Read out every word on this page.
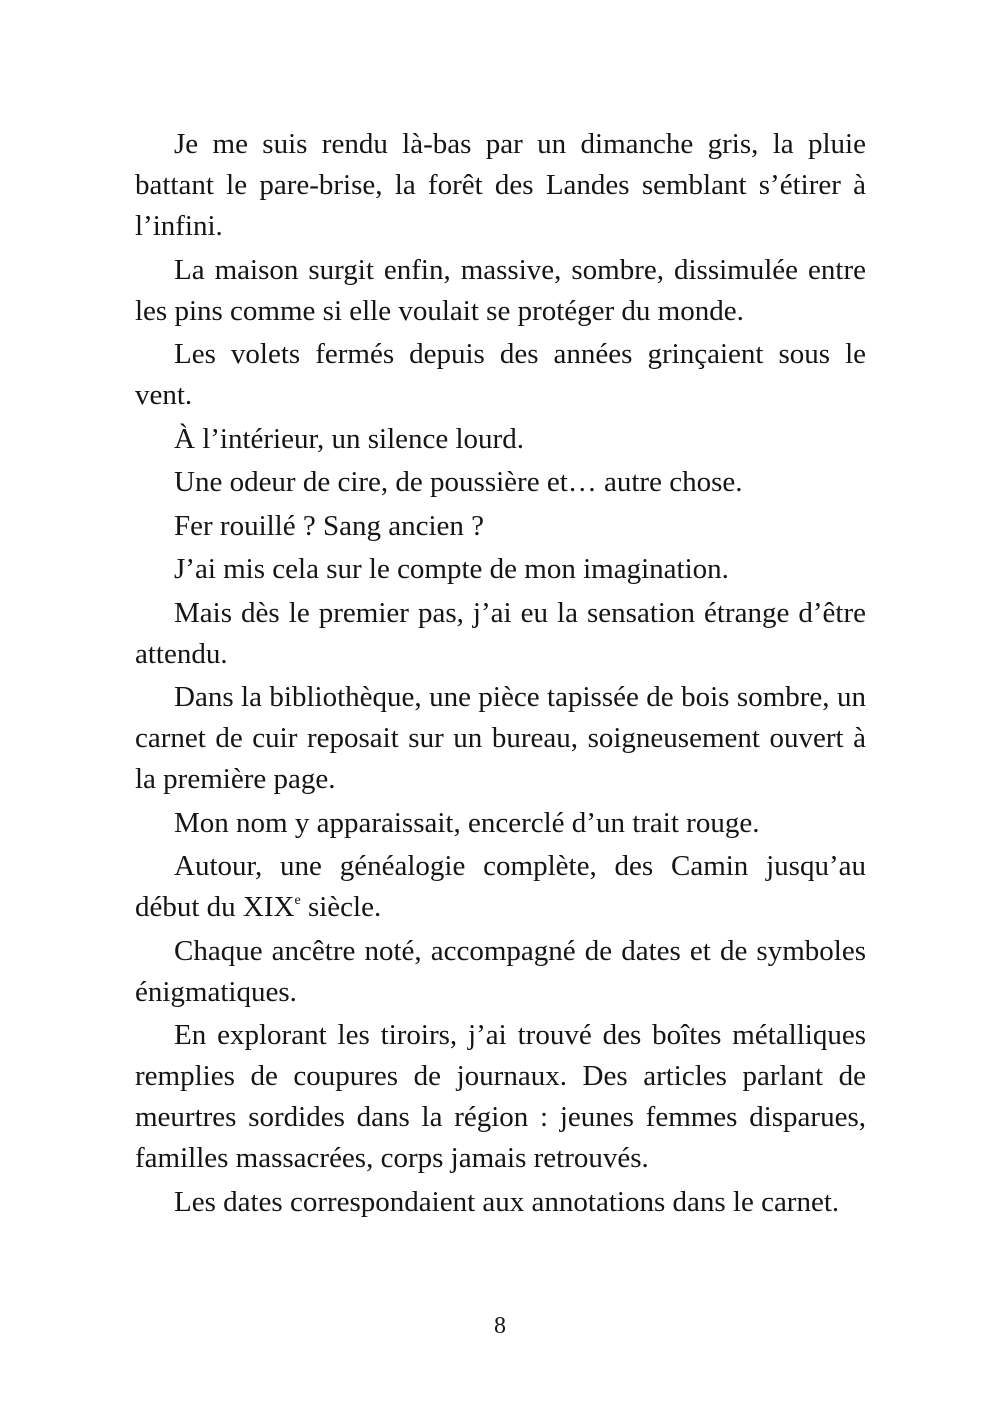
Je me suis rendu là-bas par un dimanche gris, la pluie battant le pare-brise, la forêt des Landes semblant s’étirer à l’infini.

La maison surgit enfin, massive, sombre, dissimulée entre les pins comme si elle voulait se protéger du monde.

Les volets fermés depuis des années grinçaient sous le vent.

À l’intérieur, un silence lourd.

Une odeur de cire, de poussière et… autre chose.

Fer rouillé ? Sang ancien ?

J’ai mis cela sur le compte de mon imagination.

Mais dès le premier pas, j’ai eu la sensation étrange d’être attendu.

Dans la bibliothèque, une pièce tapissée de bois sombre, un carnet de cuir reposait sur un bureau, soigneusement ouvert à la première page.

Mon nom y apparaissait, encerclé d’un trait rouge.

Autour, une généalogie complète, des Camin jusqu’au début du XIXe siècle.

Chaque ancêtre noté, accompagné de dates et de symboles énigmatiques.

En explorant les tiroirs, j’ai trouvé des boîtes métalliques remplies de coupures de journaux. Des articles parlant de meurtres sordides dans la région : jeunes femmes disparues, familles massacrées, corps jamais retrouvés.

Les dates correspondaient aux annotations dans le carnet.

8
